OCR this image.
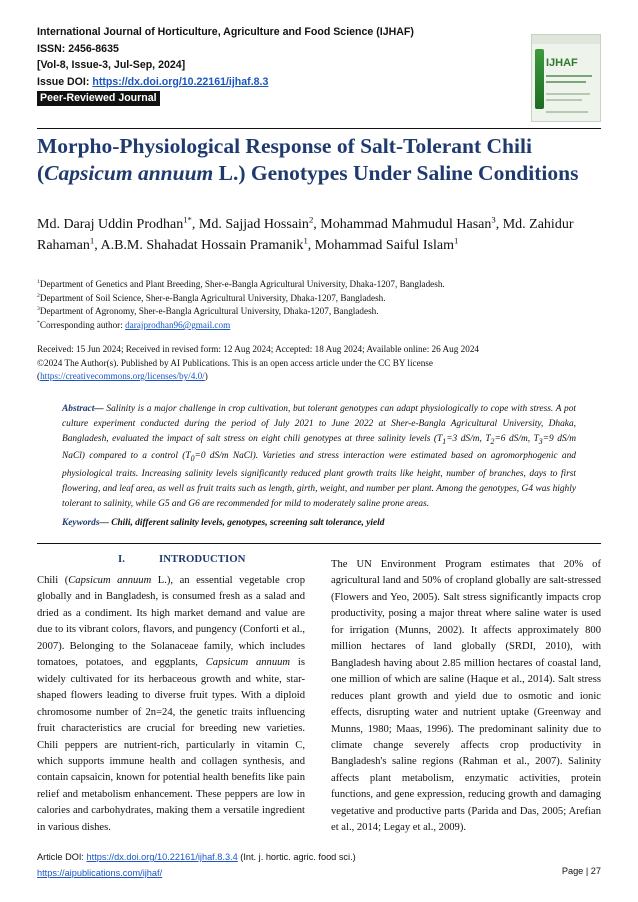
International Journal of Horticulture, Agriculture and Food Science (IJHAF)
ISSN: 2456-8635
[Vol-8, Issue-3, Jul-Sep, 2024]
Issue DOI: https://dx.doi.org/10.22161/ijhaf.8.3
Peer-Reviewed Journal
IJHAF
Morpho-Physiological Response of Salt-Tolerant Chili (Capsicum annuum L.) Genotypes Under Saline Conditions
Md. Daraj Uddin Prodhan$^{1*}$, Md. Sajjad Hossain$^2$, Mohammad Mahmudul Hasan$^3$, Md. Zahidur Rahaman$^1$, A.B.M. Shahadat Hossain Pramanik$^1$, Mohammad Saiful Islam$^1$
$^1$Department of Genetics and Plant Breeding, Sher-e-Bangla Agricultural University, Dhaka-1207, Bangladesh.
$^2$Department of Soil Science, Sher-e-Bangla Agricultural University, Dhaka-1207, Bangladesh.
$^3$Department of Agronomy, Sher-e-Bangla Agricultural University, Dhaka-1207, Bangladesh.
*Corresponding author: darajprodhan96@gmail.com
Received: 15 Jun 2024; Received in revised form: 12 Aug 2024; Accepted: 18 Aug 2024; Available online: 26 Aug 2024
©2024 The Author(s). Published by AI Publications. This is an open access article under the CC BY license
(https://creativecommons.org/licenses/by/4.0/)
Abstract— Salinity is a major challenge in crop cultivation, but tolerant genotypes can adapt physiologically to cope with stress. A pot culture experiment conducted during the period of July 2021 to June 2022 at Sher-e-Bangla Agricultural University, Dhaka, Bangladesh, evaluated the impact of salt stress on eight chili genotypes at three salinity levels ($T_1=3$ dS/m, $T_2=6$ dS/m, $T_3=9$ dS/m NaCl) compared to a control ($T_0=0$ dS/m NaCl). Varieties and stress interaction were estimated based on agromorphogenic and physiological traits. Increasing salinity levels significantly reduced plant growth traits like height, number of branches, days to first flowering, and leaf area, as well as fruit traits such as length, girth, weight, and number per plant. Among the genotypes, G4 was highly tolerant to salinity, while G5 and G6 are recommended for mild to moderately saline prone areas.
Keywords— Chili, different salinity levels, genotypes, screening salt tolerance, yield
I.	INTRODUCTION
Chili (Capsicum annuum L.), an essential vegetable crop globally and in Bangladesh, is consumed fresh as a salad and dried as a condiment. Its high market demand and value are due to its vibrant colors, flavors, and pungency (Conforti et al., 2007). Belonging to the Solanaceae family, which includes tomatoes, potatoes, and eggplants, Capsicum annuum is widely cultivated for its herbaceous growth and white, star-shaped flowers leading to diverse fruit types. With a diploid chromosome number of 2n=24, the genetic traits influencing fruit characteristics are crucial for breeding new varieties. Chili peppers are nutrient-rich, particularly in vitamin C, which supports immune health and collagen synthesis, and contain capsaicin, known for potential health benefits like pain relief and metabolism enhancement. These peppers are low in calories and carbohydrates, making them a versatile ingredient in various dishes.
The UN Environment Program estimates that 20% of agricultural land and 50% of cropland globally are salt-stressed (Flowers and Yeo, 2005). Salt stress significantly impacts crop productivity, posing a major threat where saline water is used for irrigation (Munns, 2002). It affects approximately 800 million hectares of land globally (SRDI, 2010), with Bangladesh having about 2.85 million hectares of coastal land, one million of which are saline (Haque et al., 2014). Salt stress reduces plant growth and yield due to osmotic and ionic effects, disrupting water and nutrient uptake (Greenway and Munns, 1980; Maas, 1996). The predominant salinity due to climate change severely affects crop productivity in Bangladesh's saline regions (Rahman et al., 2007). Salinity affects plant metabolism, enzymatic activities, protein functions, and gene expression, reducing growth and damaging vegetative and productive parts (Parida and Das, 2005; Arefian et al., 2014; Legay et al., 2009).
Article DOI: https://dx.doi.org/10.22161/ijhaf.8.3.4 (Int. j. hortic. agric. food sci.)
https://aipublications.com/ijhaf/	Page | 27
